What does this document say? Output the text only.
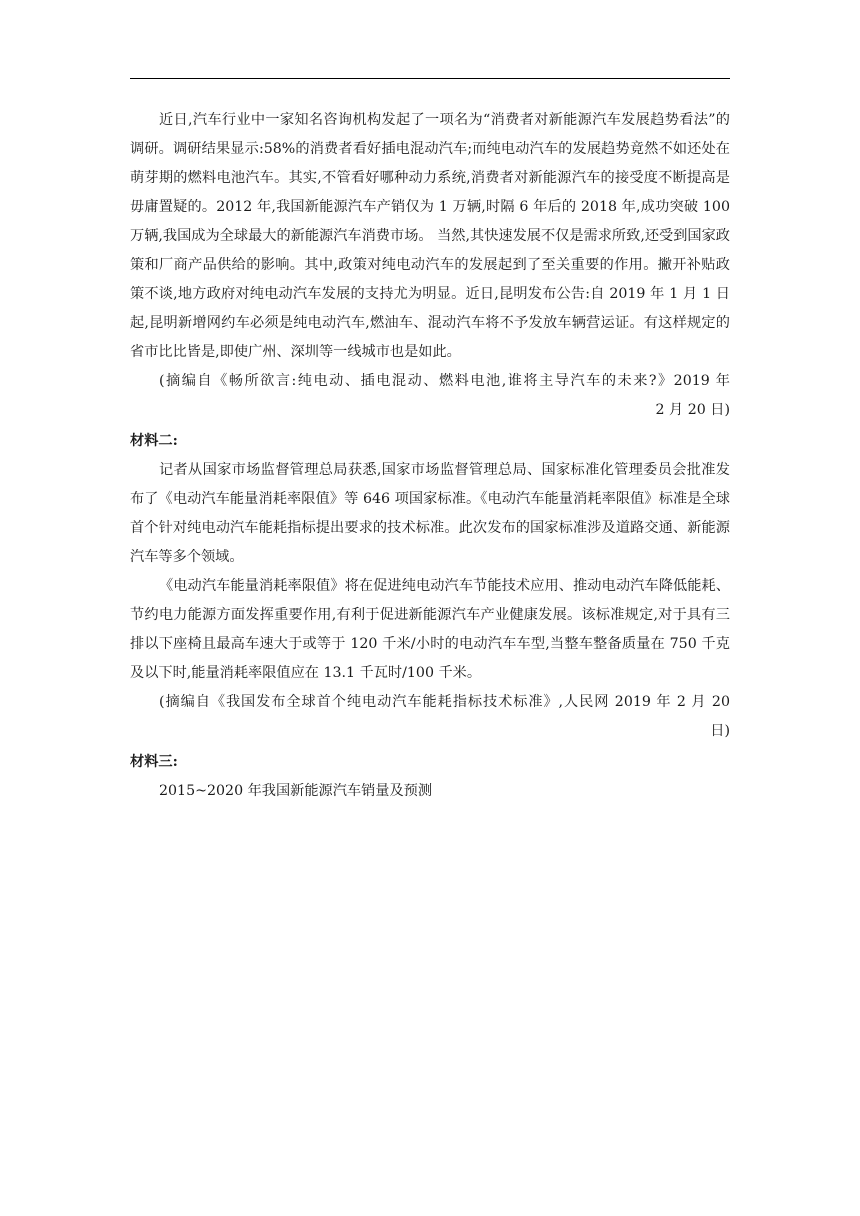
近日,汽车行业中一家知名咨询机构发起了一项名为“消费者对新能源汽车发展趋势看法”的调研。调研结果显示:58%的消费者看好插电混动汽车;而纯电动汽车的发展趋势竟然不如还处在萌芽期的燃料电池汽车。其实,不管看好哪种动力系统,消费者对新能源汽车的接受度不断提高是毋庸置疑的。2012 年,我国新能源汽车产销仅为 1 万辆,时隔 6 年后的 2018 年,成功突破 100 万辆,我国成为全球最大的新能源汽车消费市场。 当然,其快速发展不仅是需求所致,还受到国家政策和厂商产品供给的影响。其中,政策对纯电动汽车的发展起到了至关重要的作用。撇开补贴政策不谈,地方政府对纯电动汽车发展的支持尤为明显。近日,昆明发布公告:自 2019 年 1 月 1 日起,昆明新增网约车必须是纯电动汽车,燃油车、混动汽车将不予发放车辆营运证。有这样规定的省市比比皆是,即使广州、深圳等一线城市也是如此。

(摘编自《畅所欲言:纯电动、插电混动、燃料电池,谁将主导汽车的未来?》2019 年

2 月 20 日)

材料二:

记者从国家市场监督管理总局获悉,国家市场监督管理总局、国家标准化管理委员会批准发布了《电动汽车能量消耗率限值》等 646 项国家标准。《电动汽车能量消耗率限值》标准是全球首个针对纯电动汽车能耗指标提出要求的技术标准。此次发布的国家标准涉及道路交通、新能源汽车等多个领域。

《电动汽车能量消耗率限值》将在促进纯电动汽车节能技术应用、推动电动汽车降低能耗、节约电力能源方面发挥重要作用,有利于促进新能源汽车产业健康发展。该标准规定,对于具有三排以下座椅且最高车速大于或等于 120 千米/小时的电动汽车车型,当整车整备质量在 750 千克及以下时,能量消耗率限值应在 13.1 千瓦时/100 千米。

(摘编自《我国发布全球首个纯电动汽车能耗指标技术标准》,人民网 2019 年 2 月 20

日)

材料三:

2015~2020 年我国新能源汽车销量及预测
